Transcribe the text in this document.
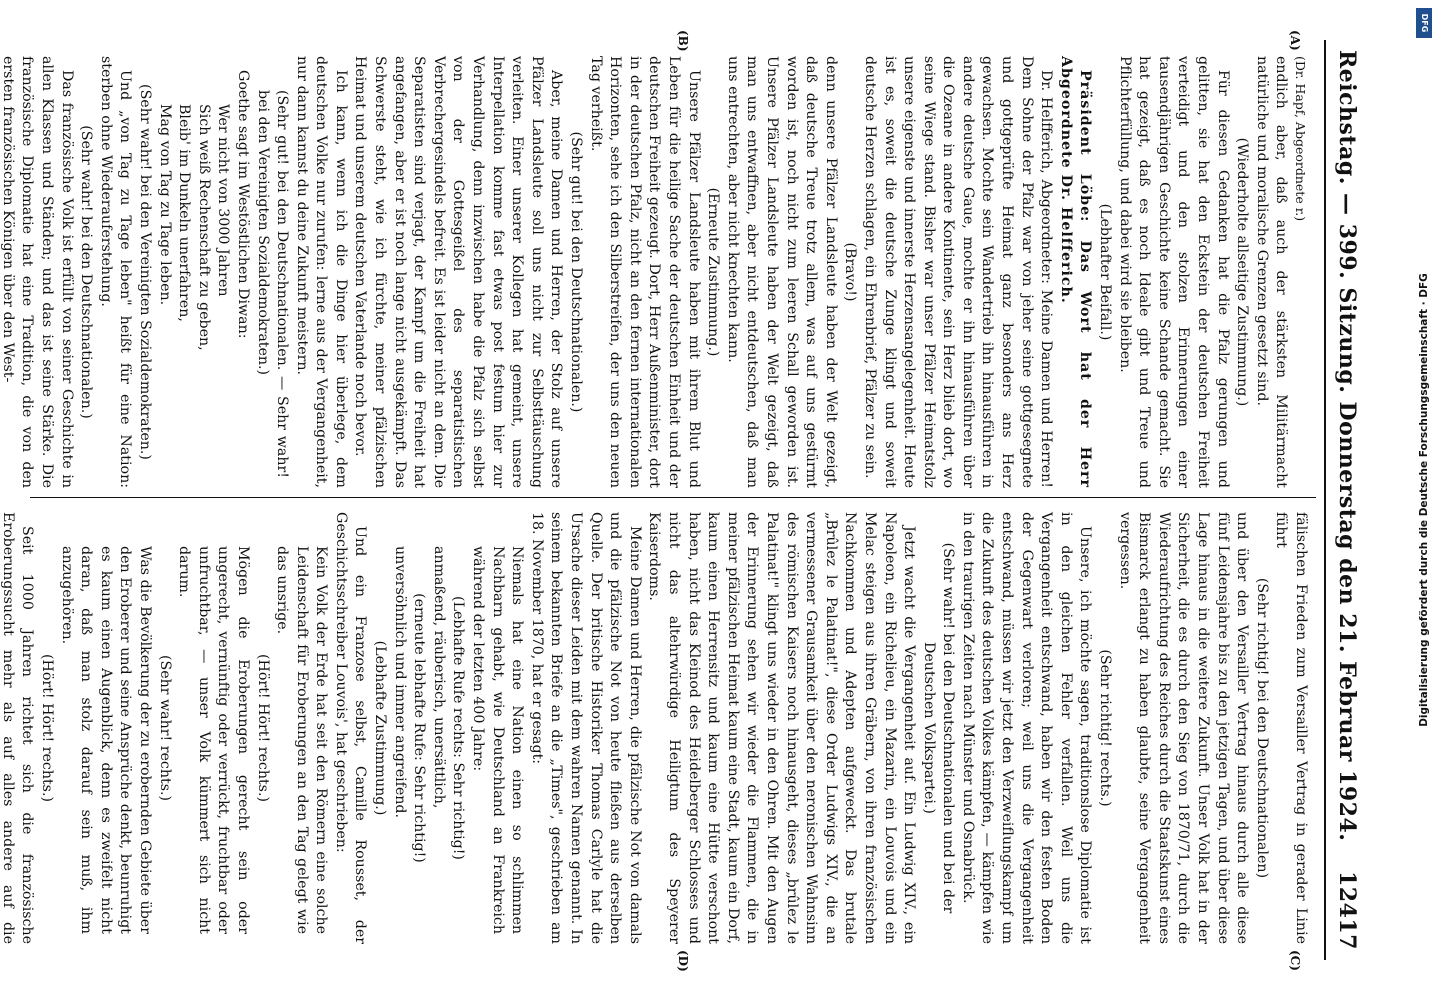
Reichstag. — 399. Sitzung. Donnerstag den 21. Februar 1924.
12417
(A)
(B)
(C)
(D)

(Dr. Hapf, Abgeordnete r.)

endlich aber, daß auch der stärksten Militärmacht natürliche und moralische Grenzen gesetzt sind.

(Wiederholte allseitige Zustimmung.)

Für diesen Gedanken hat die Pfalz gerungen und gelitten, sie hat den Eckstein der deutschen Freiheit verteidigt und den stolzen Erinnerungen einer tausendjährigen Geschichte keine Schande gemacht. Sie hat gezeigt, daß es noch Ideale gibt und Treue und Pflichterfüllung, und dabei wird sie bleiben.

(Lebhafter Beifall.)

Präsident Löbe: Das Wort hat der Herr Abgeordnete Dr. Helfferich.

Dr. Helfferich, Abgeordneter: Meine Damen und Herren! Dem Sohne der Pfalz war von jeher seine gottgesegnete und gottgeprüfte Heimat ganz besonders ans Herz gewachsen. Mochte sein Wandertrieb ihn hinausführen in andere deutsche Gaue, mochte er ihn hinausführen über die Ozeane in andere Kontinente, sein Herz blieb dort, wo seine Wiege stand. Bisher war unser Pfälzer Heimatstolz unsere eigenste und innerste Herzensangelegenheit. Heute ist es, soweit die deutsche Zunge klingt und soweit deutsche Herzen schlagen, ein Ehrenbrief, Pfälzer zu sein.

(Bravo!)

denn unsere Pfälzer Landsleute haben der Welt gezeigt, daß deutsche Treue trotz allem, was auf uns gestürmt worden ist, noch nicht zum leeren Schall geworden ist. Unsere Pfälzer Landsleute haben der Welt gezeigt, daß man uns entwaffnen, aber nicht entdeutschen, daß man uns entrechten, aber nicht knechten kann.

(Erneute Zustimmung.)

Unsere Pfälzer Landsleute haben mit ihrem Blut und Leben für die heilige Sache der deutschen Einheit und der deutschen Freiheit gezeugt. Dort, Herr Außenminister, dort in der deutschen Pfalz, nicht an den fernen internationalen Horizonten, sehe ich den Silberstreifen, der uns den neuen Tag verheißt.

(Sehr gut! bei den Deutschnationalen.)

Aber, meine Damen und Herren, der Stolz auf unsere Pfälzer Landsleute soll uns nicht zur Selbsttäuschung verleiten. Einer unserer Kollegen hat gemeint, unsere Interpellation komme fast etwas post festum hier zur Verhandlung, denn inzwischen habe die Pfalz sich selbst von der Gottesgeißel des separatistischen Verbrechergesindels befreit. Es ist leider nicht an dem. Die Separatisten sind verjagt, der Kampf um die Freiheit hat angefangen, aber er ist noch lange nicht ausgekämpft. Das Schwerste steht, wie ich fürchte, meiner pfälzischen Heimat und unserem deutschen Vaterlande noch bevor.

Ich kann, wenn ich die Dinge hier überlege, dem deutschen Volke nur zurufen: lerne aus der Vergangenheit, nur dann kannst du deine Zukunft meistern.

(Sehr gut! bei den Deutschnationalen. — Sehr wahr! bei den Vereinigten Sozialdemokraten.)

Goethe sagt im Westöstlichen Diwan:

Wer nicht von 3000 Jahren

Sich weiß Rechenschaft zu geben,

Bleib' im Dunkeln unerfahren,

Mag von Tag zu Tage leben.

(Sehr wahr! bei den Vereinigten Sozialdemokraten.)

Und „von Tag zu Tage leben" heißt für eine Nation: sterben ohne Wiederauferstehung.

(Sehr wahr! bei den Deutschnationalen.)

Das französische Volk ist erfüllt von seiner Geschichte in allen Klassen und Ständen; und das ist seine Stärke. Die französische Diplomatie hat eine Tradition, die von den ersten französischen Königen über den West-

fälischen Frieden zum Versailler Vertrag in gerader Linie führt

(Sehr richtig! bei den Deutschnationalen)

und über den Versailler Vertrag hinaus durch alle diese fünf Leidensjahre bis zu den jetzigen Tagen, und über diese Lage hinaus in die weitere Zukunft. Unser Volk hat in der Sicherheit, die es durch den Sieg von 1870/71, durch die Wiederaufrichtung des Reiches durch die Staatskunst eines Bismarck erlangt zu haben glaubte, seine Vergangenheit vergessen.

(Sehr richtig! rechts.)

Unsere, ich möchte sagen, traditionslose Diplomatie ist in den gleichen Fehler verfallen. Weil uns die Vergangenheit entschwand, haben wir den festen Boden der Gegenwart verloren; weil uns die Vergangenheit entschwand, müssen wir jetzt den Verzweiflungskampf um die Zukunft des deutschen Volkes kämpfen, — kämpfen wie in den traurigen Zeiten nach Münster und Osnabrück.

(Sehr wahr! bei den Deutschnationalen und bei der Deutschen Volkspartei.)

Jetzt wacht die Vergangenheit auf. Ein Ludwig XIV., ein Napoleon, ein Richelieu, ein Mazarin, ein Louvois und ein Melac steigen aus ihren Gräbern, von ihren französischen Nachkommen und Adepten aufgeweckt. Das brutale „Brûlez le Palatinat!", diese Order Ludwigs XIV., die an vermessener Grausamkeit über den neronischen Wahnsinn des römischen Kaisers noch hinausgeht, dieses „brûlez le Palatinat!" klingt uns wieder in den Ohren. Mit den Augen der Erinnerung sehen wir wieder die Flammen, die in meiner pfälzischen Heimat kaum eine Stadt, kaum ein Dorf, kaum einen Herrensitz und kaum eine Hütte verschont haben, nicht das Kleinod des Heidelberger Schlosses und nicht das altehrwürdige Heiligtum des Speyerer Kaiserdoms.

Meine Damen und Herren, die pfälzische Not von damals und die pfälzische Not von heute fließen aus derselben Quelle. Der britische Historiker Thomas Carlyle hat die Ursache dieser Leiden mit dem wahren Namen genannt. In seinem bekannten Briefe an die „Times", geschrieben am 18. November 1870, hat er gesagt:

Niemals hat eine Nation einen so schlimmen Nachbarn gehabt, wie Deutschland an Frankreich während der letzten 400 Jahre:

(Lebhafte Rufe rechts: Sehr richtig!)

anmaßend, räuberisch, unersättlich,

(erneute lebhafte Rufe: Sehr richtig!)

unversöhnlich und immer angreifend.

(Lebhafte Zustimmung.)

Und ein Franzose selbst, Camille Rousset, der Geschichtsschreiber Louvois', hat geschrieben:

Kein Volk der Erde hat seit den Römern eine solche Leidenschaft für Eroberungen an den Tag gelegt wie das unsrige.

(Hört! Hört! rechts.)

Mögen die Eroberungen gerecht sein oder ungerecht, vernünftig oder verrückt, fruchtbar oder unfruchtbar, — unser Volk kümmert sich nicht darum.

(Sehr wahr! rechts.)

Was die Bevölkerung der zu erobernden Gebiete über den Eroberer und seine Ansprüche denkt, beunruhigt es kaum einen Augenblick, denn es zweifelt nicht daran, daß man stolz darauf sein muß, ihm anzugehören.

(Hört! Hört! rechts.)

Seit 1000 Jahren richtet sich die französische Eroberungssucht mehr als auf alles andere auf die

Digitalisierung gefördert durch die Deutsche Forschungsgemeinschaft · DFG
DFG
